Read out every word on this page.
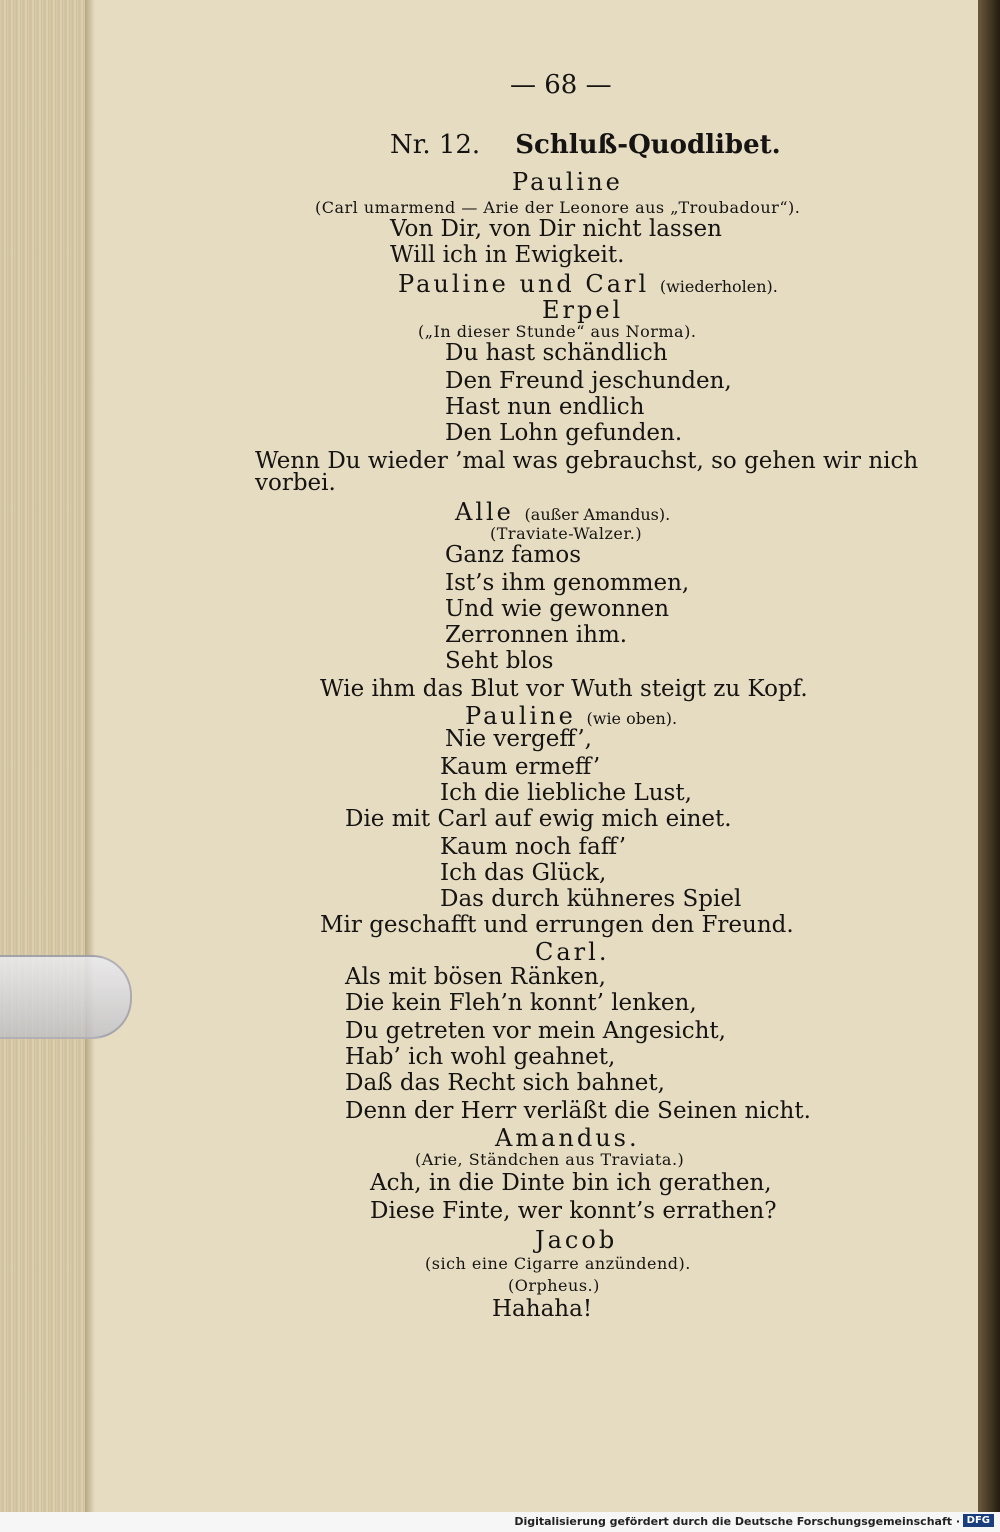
— 68 —
Nr. 12. Schluß-Quodlibet.
Pauline
(Carl umarmend — Arie der Leonore aus „Troubadour“).
Von Dir, von Dir nicht lassen
Will ich in Ewigkeit.
Pauline und Carl (wiederholen).
Erpel
(„In dieser Stunde“ aus Norma).
Du hast schändlich
Den Freund jeschunden,
Hast nun endlich
Den Lohn gefunden.
Wenn Du wieder ’mal was gebrauchst, so gehen wir nich
vorbei.
Alle (außer Amandus).
(Traviate-Walzer.)
Ganz famos
Ist’s ihm genommen,
Und wie gewonnen
Zerronnen ihm.
Seht blos
Wie ihm das Blut vor Wuth steigt zu Kopf.
Pauline (wie oben).
Nie vergeff’,
Kaum ermeff’
Ich die liebliche Lust,
Die mit Carl auf ewig mich einet.
Kaum noch faff’
Ich das Glück,
Das durch kühneres Spiel
Mir geschafft und errungen den Freund.
Carl.
Als mit bösen Ränken,
Die kein Fleh’n konnt’ lenken,
Du getreten vor mein Angesicht,
Hab’ ich wohl geahnet,
Daß das Recht sich bahnet,
Denn der Herr verläßt die Seinen nicht.
Amandus.
(Arie, Ständchen aus Traviata.)
Ach, in die Dinte bin ich gerathen,
Diese Finte, wer konnt’s errathen?
Jacob
(sich eine Cigarre anzündend).
(Orpheus.)
Hahaha!
Digitalisierung gefördert durch die Deutsche Forschungsgemeinschaft · DFG
